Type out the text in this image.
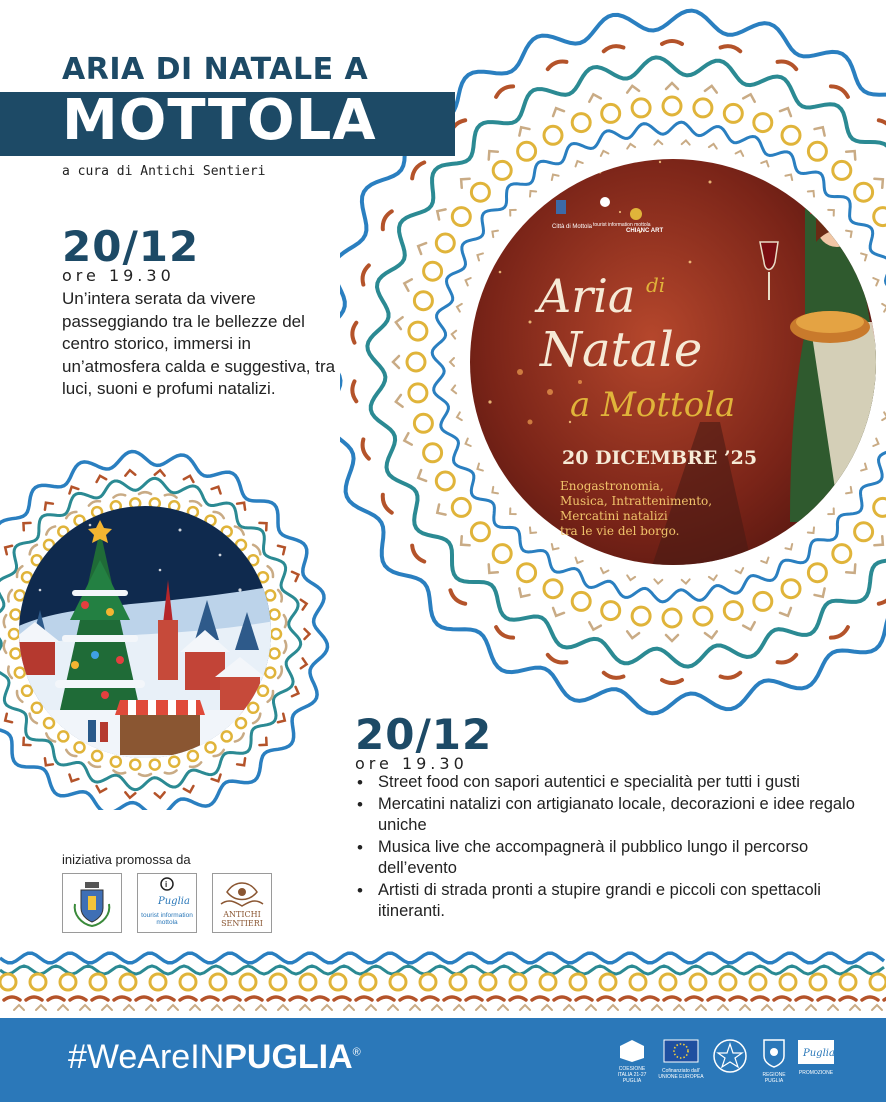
Città di Mottola tourist information mottola
CHIANC ART
Aria di
Natale
a Mottola
20 DICEMBRE ’25
Enogastronomia,
Musica, Intrattenimento,
Mercatini natalizi
tra le vie del borgo.
ARIA DI NATALE A
MOTTOLA
a cura di Antichi Sentieri
20/12
ore 19.30
Un’intera serata da vivere passeggiando tra le bellezze del centro storico, immersi in un’atmosfera calda e suggestiva, tra luci, suoni e profumi natalizi.
20/12
ore 19.30
• Street food con sapori autentici e specialità per tutti i gusti
• Mercatini natalizi con artigianato locale, decorazioni e idee regalo uniche
• Musica live che accompagnerà il pubblico lungo il percorso dell’evento
• Artisti di strada pronti a stupire grandi e piccoli con spettacoli itineranti.
iniziativa promossa da
i
Puglia
tourist information mottola
ANTICHI SENTIERI
#WeAreINPUGLIA®
COESIONE ITALIA 21-27 PUGLIA
Cofinanziato dall’ UNIONE EUROPEA	REGIONE PUGLIA
Puglia
PROMOZIONE
